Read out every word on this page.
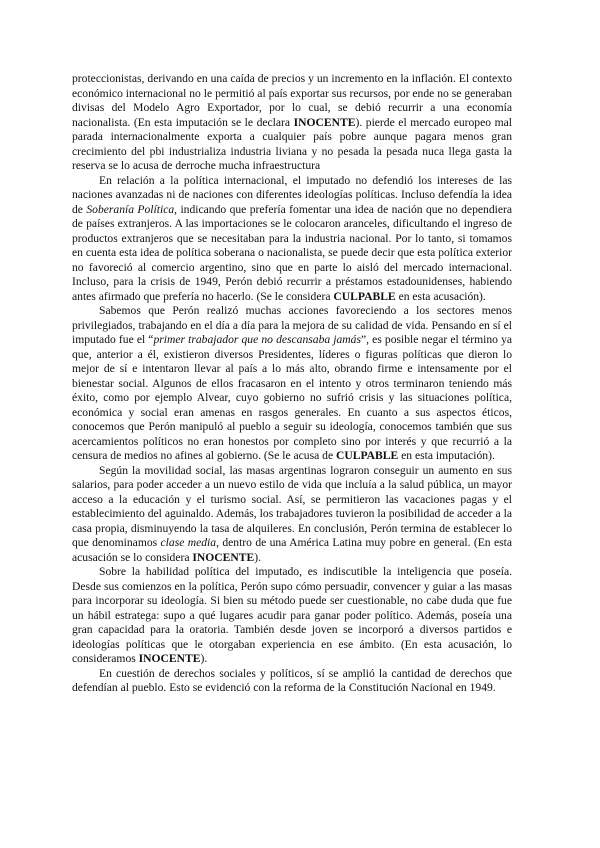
proteccionistas, derivando en una caída de precios y un incremento en la inflación. El contexto económico internacional no le permitió al país exportar sus recursos, por ende no se generaban divisas del Modelo Agro Exportador, por lo cual, se debió recurrir a una economía nacionalista. (En esta imputación se le declara INOCENTE). pierde el mercado europeo mal parada internacionalmente exporta a cualquier país pobre aunque pagara menos gran crecimiento del pbi industrializa industria liviana y no pesada la pesada nuca llega gasta la reserva se lo acusa de derroche mucha infraestructura

En relación a la política internacional, el imputado no defendió los intereses de las naciones avanzadas ni de naciones con diferentes ideologías políticas. Incluso defendía la idea de Soberanía Política, indicando que prefería fomentar una idea de nación que no dependiera de países extranjeros. A las importaciones se le colocaron aranceles, dificultando el ingreso de productos extranjeros que se necesitaban para la industria nacional. Por lo tanto, si tomamos en cuenta esta idea de política soberana o nacionalista, se puede decir que esta política exterior no favoreció al comercio argentino, sino que en parte lo aisló del mercado internacional. Incluso, para la crisis de 1949, Perón debió recurrir a préstamos estadounidenses, habiendo antes afirmado que prefería no hacerlo. (Se le considera CULPABLE en esta acusación).

Sabemos que Perón realizó muchas acciones favoreciendo a los sectores menos privilegiados, trabajando en el día a día para la mejora de su calidad de vida. Pensando en sí el imputado fue el “primer trabajador que no descansaba jamás”, es posible negar el término ya que, anterior a él, existieron diversos Presidentes, líderes o figuras políticas que dieron lo mejor de sí e intentaron llevar al país a lo más alto, obrando firme e intensamente por el bienestar social. Algunos de ellos fracasaron en el intento y otros terminaron teniendo más éxito, como por ejemplo Alvear, cuyo gobierno no sufrió crisis y las situaciones política, económica y social eran amenas en rasgos generales. En cuanto a sus aspectos éticos, conocemos que Perón manipuló al pueblo a seguir su ideología, conocemos también que sus acercamientos políticos no eran honestos por completo sino por interés y que recurrió a la censura de medios no afines al gobierno. (Se le acusa de CULPABLE en esta imputación).

Según la movilidad social, las masas argentinas lograron conseguir un aumento en sus salarios, para poder acceder a un nuevo estilo de vida que incluía a la salud pública, un mayor acceso a la educación y el turismo social. Así, se permitieron las vacaciones pagas y el establecimiento del aguinaldo. Además, los trabajadores tuvieron la posibilidad de acceder a la casa propia, disminuyendo la tasa de alquileres. En conclusión, Perón termina de establecer lo que denominamos clase media, dentro de una América Latina muy pobre en general. (En esta acusación se lo considera INOCENTE).

Sobre la habilidad política del imputado, es indiscutible la inteligencia que poseía. Desde sus comienzos en la política, Perón supo cómo persuadir, convencer y guiar a las masas para incorporar su ideología. Si bien su método puede ser cuestionable, no cabe duda que fue un hábil estratega: supo a qué lugares acudir para ganar poder político. Además, poseía una gran capacidad para la oratoria. También desde joven se incorporó a diversos partidos e ideologías políticas que le otorgaban experiencia en ese ámbito. (En esta acusación, lo consideramos INOCENTE).

En cuestión de derechos sociales y políticos, sí se amplió la cantidad de derechos que defendían al pueblo. Esto se evidenció con la reforma de la Constitución Nacional en 1949.
